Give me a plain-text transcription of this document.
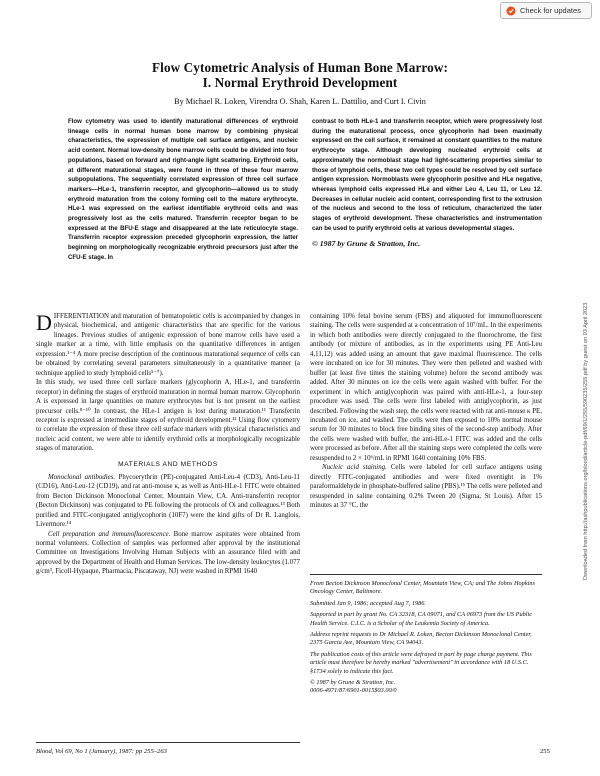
Check for updates
Flow Cytometric Analysis of Human Bone Marrow:
I. Normal Erythroid Development
By Michael R. Loken, Virendra O. Shah, Karen L. Dattilio, and Curt I. Civin

Flow cytometry was used to identify maturational differences of erythroid lineage cells in normal human bone marrow by combining physical characteristics, the expression of multiple cell surface antigens, and nucleic acid content. Normal low-density bone marrow cells could be divided into four populations, based on forward and right-angle light scattering. Erythroid cells, at different maturational stages, were found in three of these four marrow subpopulations. The sequentially correlated expression of three cell surface markers—HLe-1, transferrin receptor, and glycophorin—allowed us to study erythroid maturation from the colony forming cell to the mature erythrocyte. HLe-1 was expressed on the earliest identifiable erythroid cells and was progressively lost as the cells matured. Transferrin receptor began to be expressed at the BFU-E stage and disappeared at the late reticulocyte stage. Transferrin receptor expression preceded glycophorin expression, the latter beginning on morphologically recognizable erythroid precursors just after the CFU-E stage. In

contrast to both HLe-1 and transferrin receptor, which were progressively lost during the maturational process, once glycophorin had been maximally expressed on the cell surface, it remained at constant quantities to the mature erythrocyte stage. Although developing nucleated erythroid cells at approximately the normoblast stage had light-scattering properties similar to those of lymphoid cells, these two cell types could be resolved by cell surface antigen expression. Normoblasts were glycophorin positive and HLe negative, whereas lymphoid cells expressed HLe and either Leu 4, Leu 11, or Leu 12. Decreases in cellular nucleic acid content, corresponding first to the extrusion of the nucleus and second to the loss of reticulum, characterized the later stages of erythroid development. These characteristics and instrumentation can be used to purify erythroid cells at various developmental stages.

© 1987 by Grune & Stratton, Inc.

DIFFERENTIATION and maturation of hematopoietic cells is accompanied by changes in physical, biochemical, and antigenic characteristics that are specific for the various lineages. Previous studies of antigenic expression of bone marrow cells have used a single marker at a time, with little emphasis on the quantitative differences in antigen expression.¹⁻⁴ A more precise description of the continuous maturational sequence of cells can be obtained by correlating several parameters simultaneously in a quantitative manner (a technique applied to study lymphoid cells⁵⁻⁷).

In this study, we used three cell surface markers (glycophorin A, HLe-1, and transferrin receptor) in defining the stages of erythroid maturation in normal human marrow. Glycophorin A is expressed in large quantities on mature erythrocytes but is not present on the earliest precursor cells.⁸⁻¹⁰ In contrast, the HLe-1 antigen is lost during maturation.¹¹ Transferrin receptor is expressed at intermediate stages of erythroid development.¹² Using flow cytometry to correlate the expression of these three cell surface markers with physical characteristics and nucleic acid content, we were able to identify erythroid cells at morphologically recognizable stages of maturation.

MATERIALS AND METHODS

Monoclonal antibodies. Phycoerythrin (PE)-conjugated Anti-Leu-4 (CD3), Anti-Leu-11 (CD16), Anti-Leu-12 (CD19), and rat anti-mouse κ, as well as Anti-HLe-1 FITC were obtained from Becton Dickinson Monoclonal Center, Mountain View, CA. Anti-transferrin receptor (Becton Dickinson) was conjugated to PE following the protocols of Oi and colleagues.¹³ Both purified and FITC-conjugated antiglycophorin (10F7) were the kind gifts of Dr R. Langlois, Livermore.¹⁴

Cell preparation and immunofluorescence. Bone marrow aspirates were obtained from normal volunteers. Collection of samples was performed after approval by the institutional Committee on Investigations Involving Human Subjects with an assurance filed with and approved by the Department of Health and Human Services. The low-density leukocytes (1.077 g/cm³, Ficoll-Hypaque, Pharmacia, Piscataway, NJ) were washed in RPMI 1640

containing 10% fetal bovine serum (FBS) and aliquoted for immunofluorescent staining. The cells were suspended at a concentration of 10⁷/mL. In the experiments in which both antibodies were directly conjugated to the fluorochrome, the first antibody (or mixture of antibodies, as in the experiments using PE Anti-Leu 4,11,12) was added using an amount that gave maximal fluorescence. The cells were incubated on ice for 30 minutes. They were then pelleted and washed with buffer (at least five times the staining volume) before the second antibody was added. After 30 minutes on ice the cells were again washed with buffer. For the experiment in which antiglycophorin was paired with anti-HLe-1, a four-step procedure was used. The cells were first labeled with antiglycophorin, as just described. Following the wash step, the cells were reacted with rat anti-mouse κ PE, incubated on ice, and washed. The cells were then exposed to 10% normal mouse serum for 30 minutes to block free binding sites of the second-step antibody. After the cells were washed with buffer, the anti-HLe-1 FITC was added and the cells were processed as before. After all the staining steps were completed the cells were resuspended to 2 × 10⁶/mL in RPMI 1640 containing 10% FBS.

Nucleic acid staining. Cells were labeled for cell surface antigens using directly FITC-conjugated antibodies and were fixed overnight in 1% paraformaldehyde in phosphate-buffered saline (PBS).¹⁵ The cells were pelleted and resuspended in saline containing 0.2% Tween 20 (Sigma, St Louis). After 15 minutes at 37 °C, the

From Becton Dickinson Monoclonal Center, Mountain View, CA; and The Johns Hopkins Oncology Center, Baltimore.

Submitted Jan 9, 1986; accepted Aug 7, 1986.

Supported in part by grant No. CA 32318, CA 09071, and CA 06973 from the US Public Health Service. C.I.C. is a Scholar of the Leukemia Society of America.

Address reprint requests to Dr Michael R. Loken, Becton Dickinson Monoclonal Center, 2375 Garcia Ave, Mountain View, CA 94043.

The publication costs of this article were defrayed in part by page charge payment. This article must therefore be hereby marked "advertisement" in accordance with 18 U.S.C. §1734 solely to indicate this fact.

© 1987 by Grune & Stratton, Inc.
0006-4971/87/6901-0015$03.00/0

Blood, Vol 69, No 1 (January), 1987: pp 255–263	255
Downloaded from http://ashpublications.org/blood/article-pdf/69/1/255/590235/255.pdf by guest on 03 April 2023
